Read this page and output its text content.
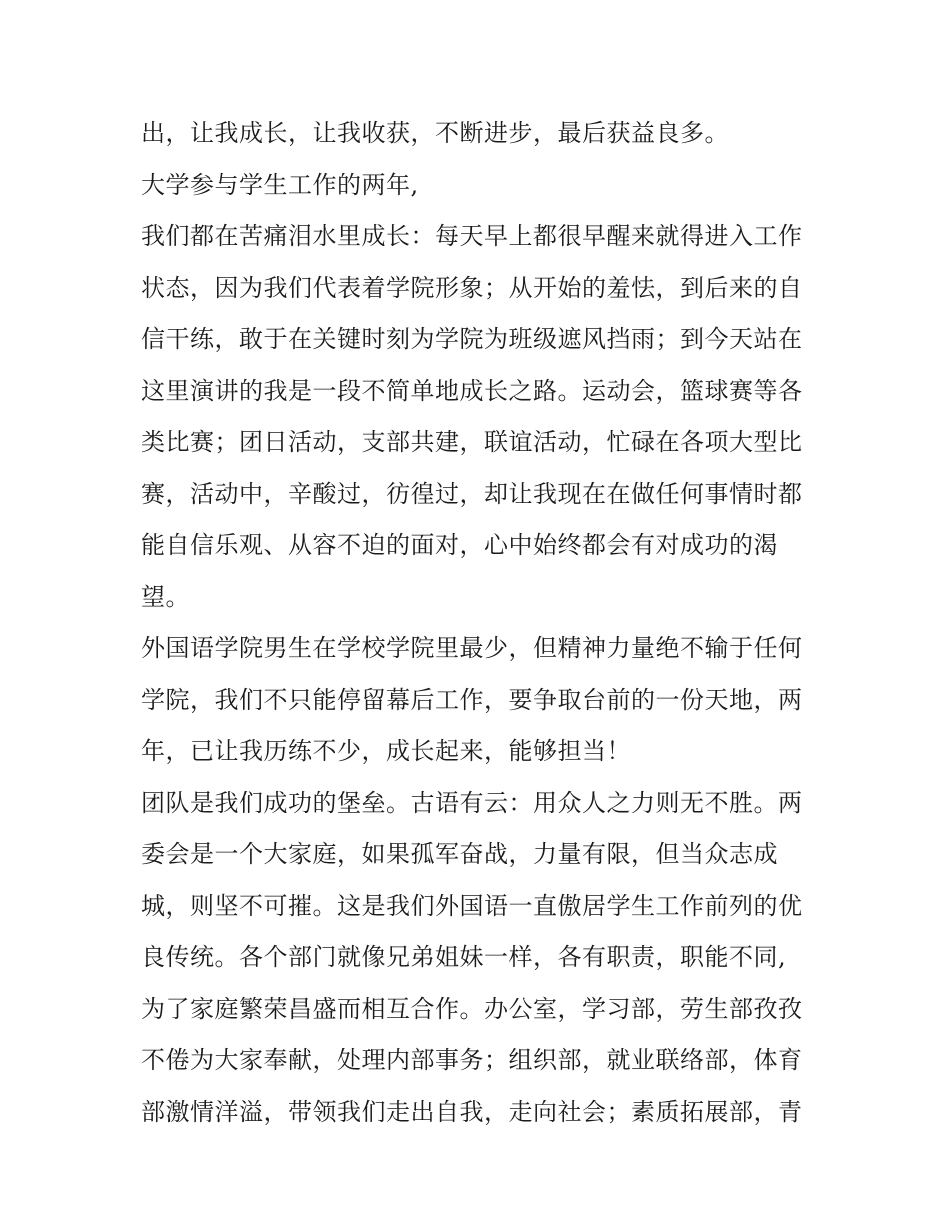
出，让我成长，让我收获，不断进步，最后获益良多。
大学参与学生工作的两年,
我们都在苦痛泪水里成长：每天早上都很早醒来就得进入工作
状态，因为我们代表着学院形象；从开始的羞怯，到后来的自
信干练，敢于在关键时刻为学院为班级遮风挡雨；到今天站在
这里演讲的我是一段不简单地成长之路。运动会，篮球赛等各
类比赛；团日活动，支部共建，联谊活动，忙碌在各项大型比
赛，活动中，辛酸过，彷徨过，却让我现在在做任何事情时都
能自信乐观、从容不迫的面对，心中始终都会有对成功的渴
望。
外国语学院男生在学校学院里最少，但精神力量绝不输于任何
学院，我们不只能停留幕后工作，要争取台前的一份天地，两
年，已让我历练不少，成长起来，能够担当！
团队是我们成功的堡垒。古语有云：用众人之力则无不胜。两
委会是一个大家庭，如果孤军奋战，力量有限，但当众志成
城，则坚不可摧。这是我们外国语一直傲居学生工作前列的优
良传统。各个部门就像兄弟姐妹一样，各有职责，职能不同,
为了家庭繁荣昌盛而相互合作。办公室，学习部，劳生部孜孜
不倦为大家奉献，处理内部事务；组织部，就业联络部，体育
部激情洋溢，带领我们走出自我，走向社会；素质拓展部，青
